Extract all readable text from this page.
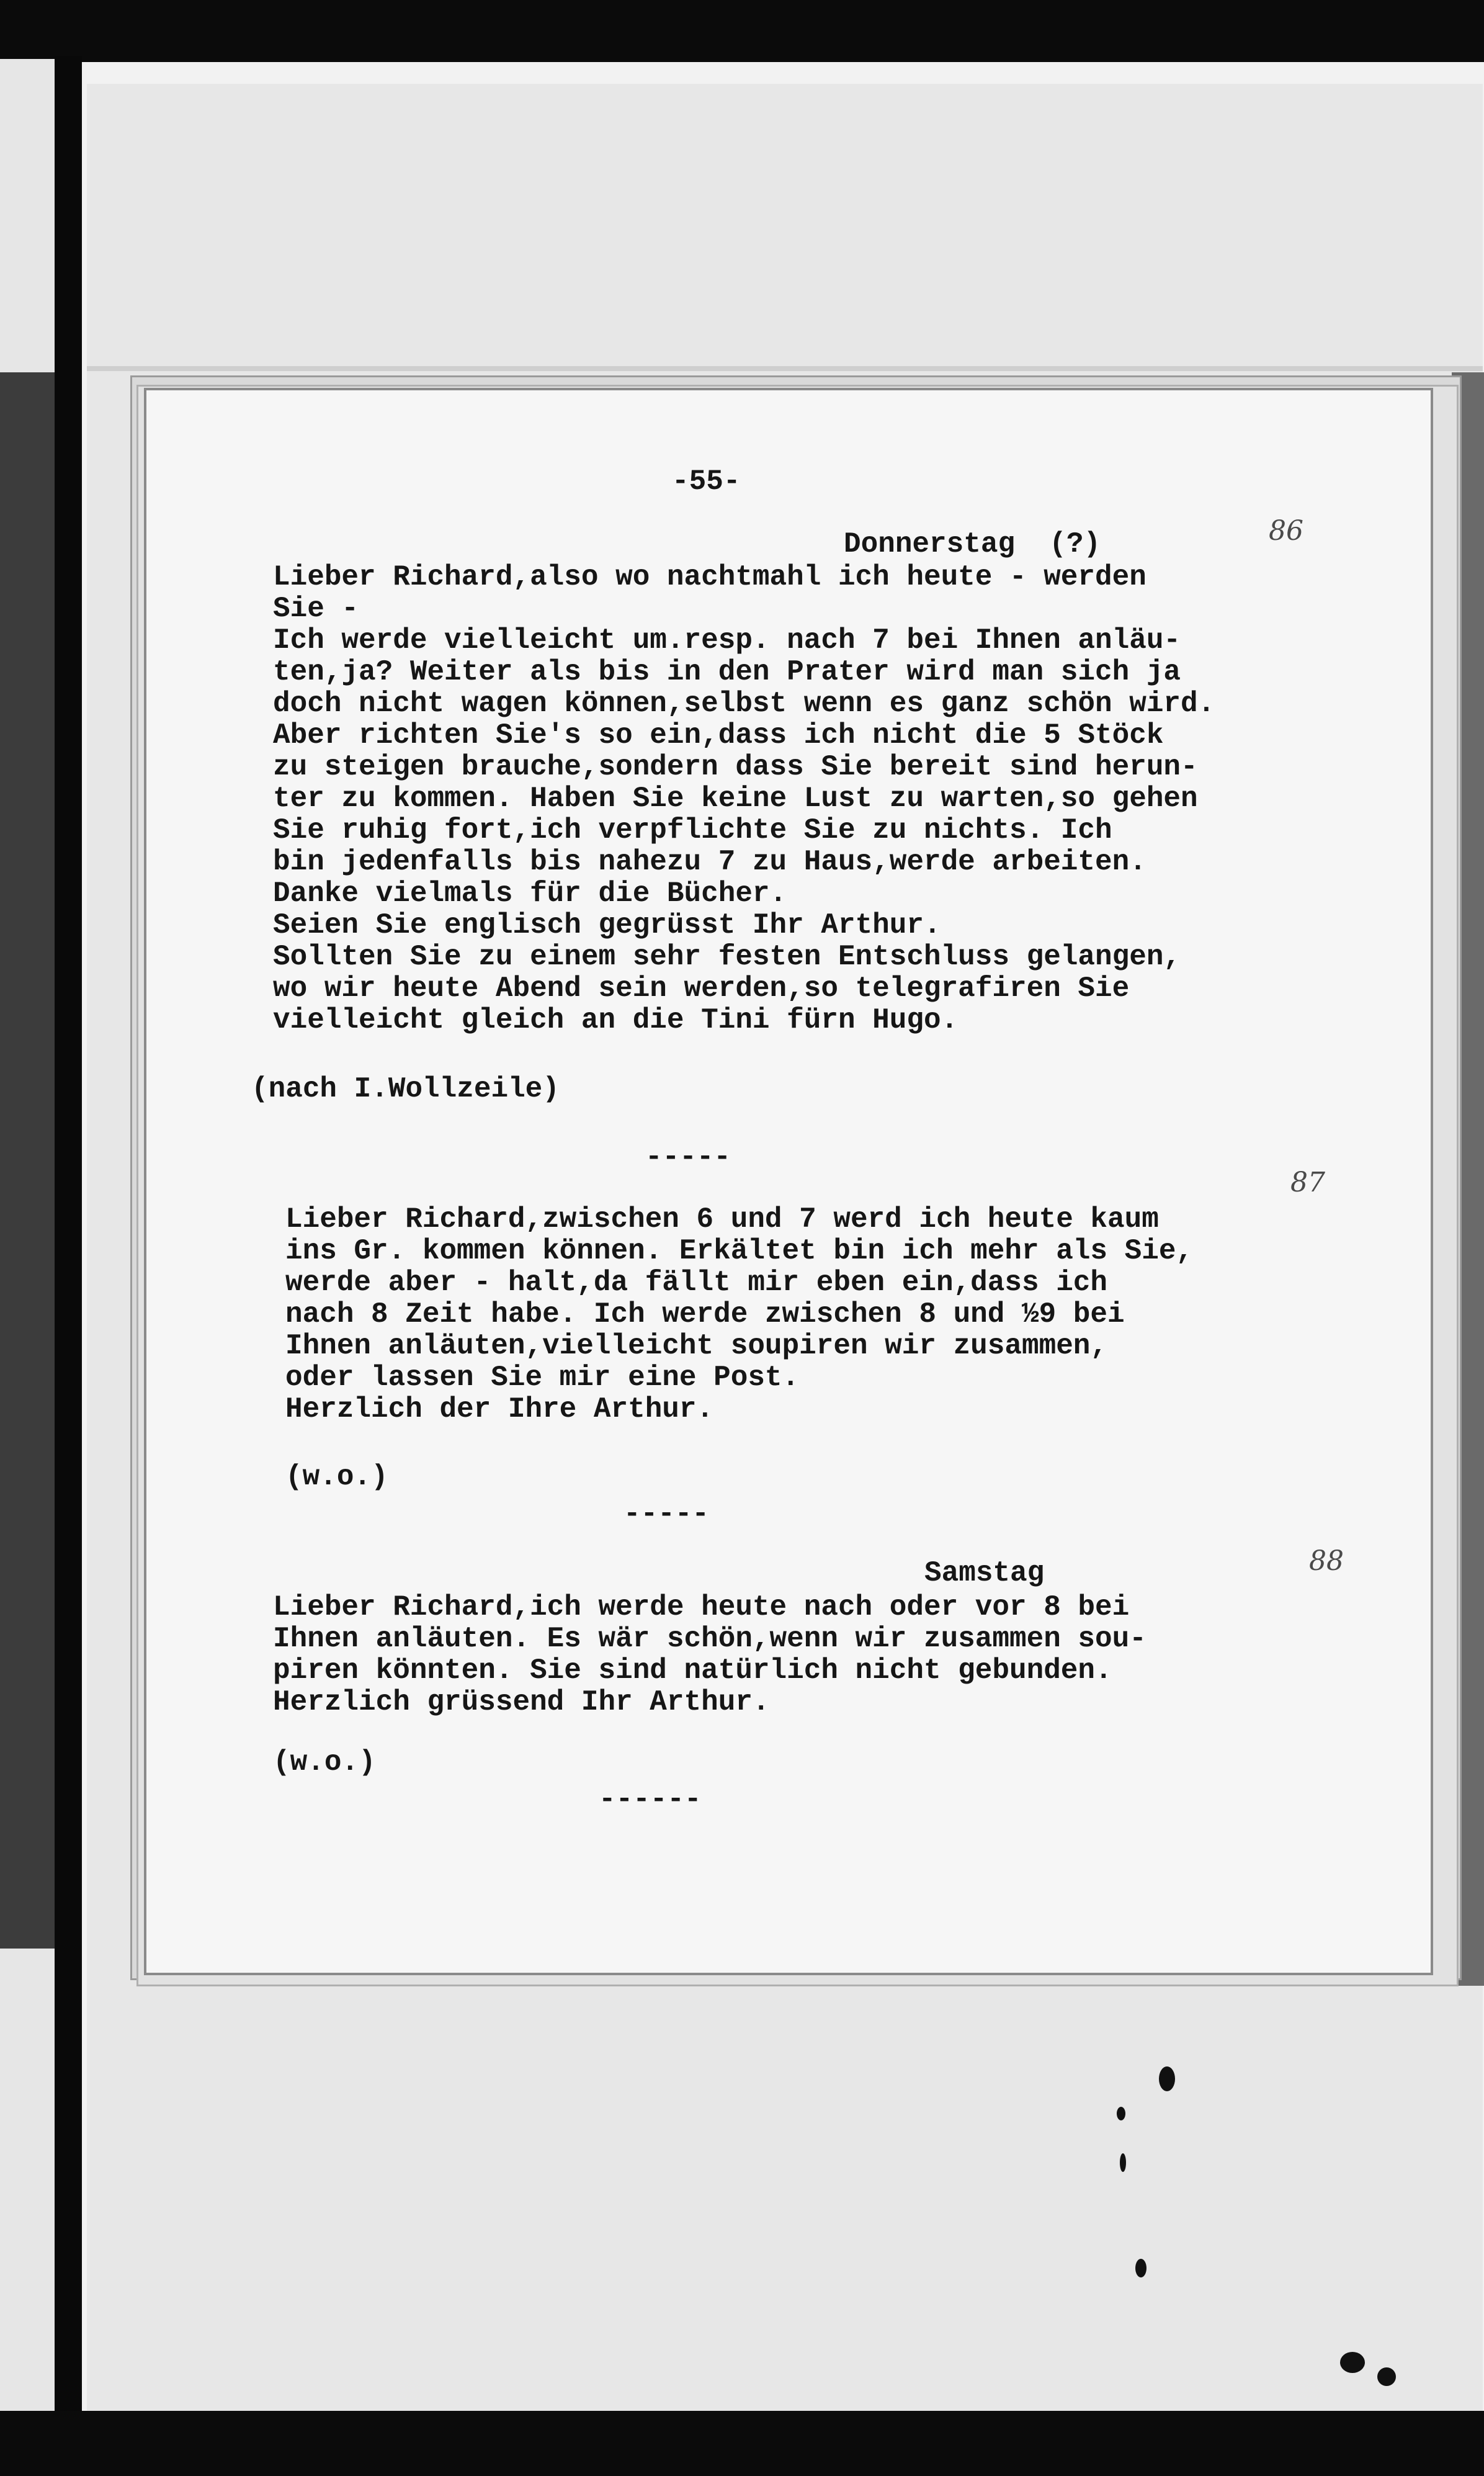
-55-

Donnerstag  (?)	86

Lieber Richard,also wo nachtmahl ich heute - werden

Sie -

Ich werde vielleicht um.resp. nach 7 bei Ihnen anläu-

ten,ja? Weiter als bis in den Prater wird man sich ja

doch nicht wagen können,selbst wenn es ganz schön wird.

Aber richten Sie's so ein,dass ich nicht die 5 Stöck

zu steigen brauche,sondern dass Sie bereit sind herun-

ter zu kommen. Haben Sie keine Lust zu warten,so gehen

Sie ruhig fort,ich verpflichte Sie zu nichts. Ich

bin jedenfalls bis nahezu 7 zu Haus,werde arbeiten.

Danke vielmals für die Bücher.

Seien Sie englisch gegrüsst Ihr Arthur.

Sollten Sie zu einem sehr festen Entschluss gelangen,

wo wir heute Abend sein werden,so telegrafiren Sie

vielleicht gleich an die Tini fürn Hugo.

(nach I.Wollzeile)

-----

87

Lieber Richard,zwischen 6 und 7 werd ich heute kaum

ins Gr. kommen können. Erkältet bin ich mehr als Sie,

werde aber - halt,da fällt mir eben ein,dass ich

nach 8 Zeit habe. Ich werde zwischen 8 und ½9 bei

Ihnen anläuten,vielleicht soupiren wir zusammen,

oder lassen Sie mir eine Post.

Herzlich der Ihre Arthur.

(w.o.)

-----

Samstag	88

Lieber Richard,ich werde heute nach oder vor 8 bei

Ihnen anläuten. Es wär schön,wenn wir zusammen sou-

piren könnten. Sie sind natürlich nicht gebunden.

Herzlich grüssend Ihr Arthur.

(w.o.)

------
